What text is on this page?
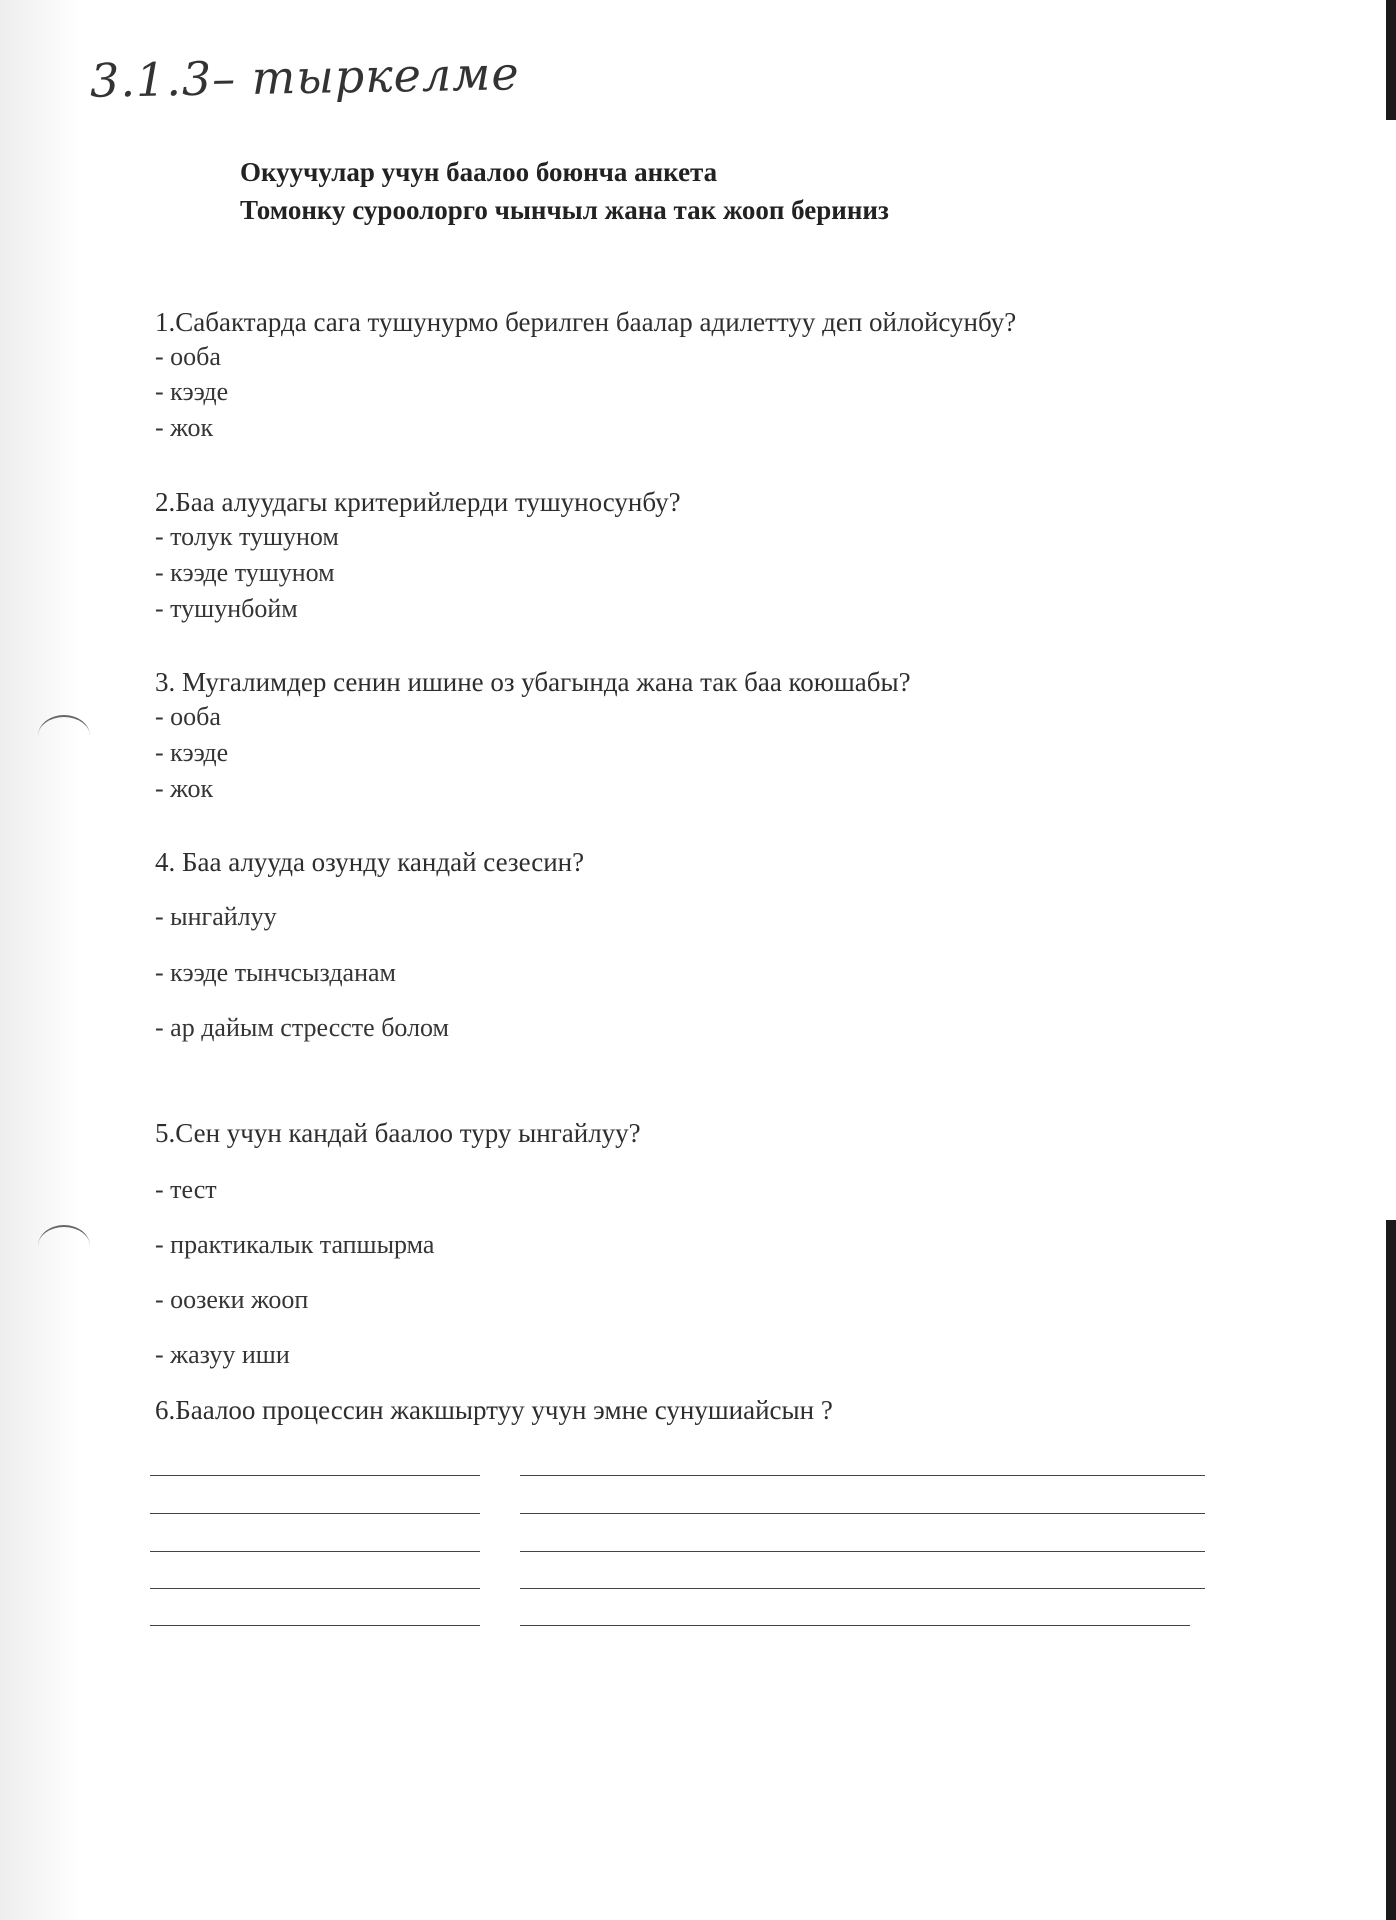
3.1.3– тыркелме
Окуучулар учун баалоо боюнча анкета
Томонку суроолорго чынчыл жана так жооп бериниз
1.Сабактарда сага тушунурмо берилген баалар адилеттуу деп ойлойсунбу?
- ооба
- кээде
- жок
2.Баа алуудагы критерийлерди тушуносунбу?
- толук тушуном
- кээде тушуном
- тушунбойм
3. Мугалимдер сенин ишине оз убагында жана так баа коюшабы?
- ооба
- кээде
- жок
4. Баа алууда озунду кандай сезесин?
- ынгайлуу
- кээде тынчсызданам
- ар дайым стрессте болом
5.Сен учун кандай баалоо туру ынгайлуу?
- тест
- практикалык тапшырма
- оозеки жооп
- жазуу иши
6.Баалоо процессин жакшыртуу учун эмне сунушиайсын ?
